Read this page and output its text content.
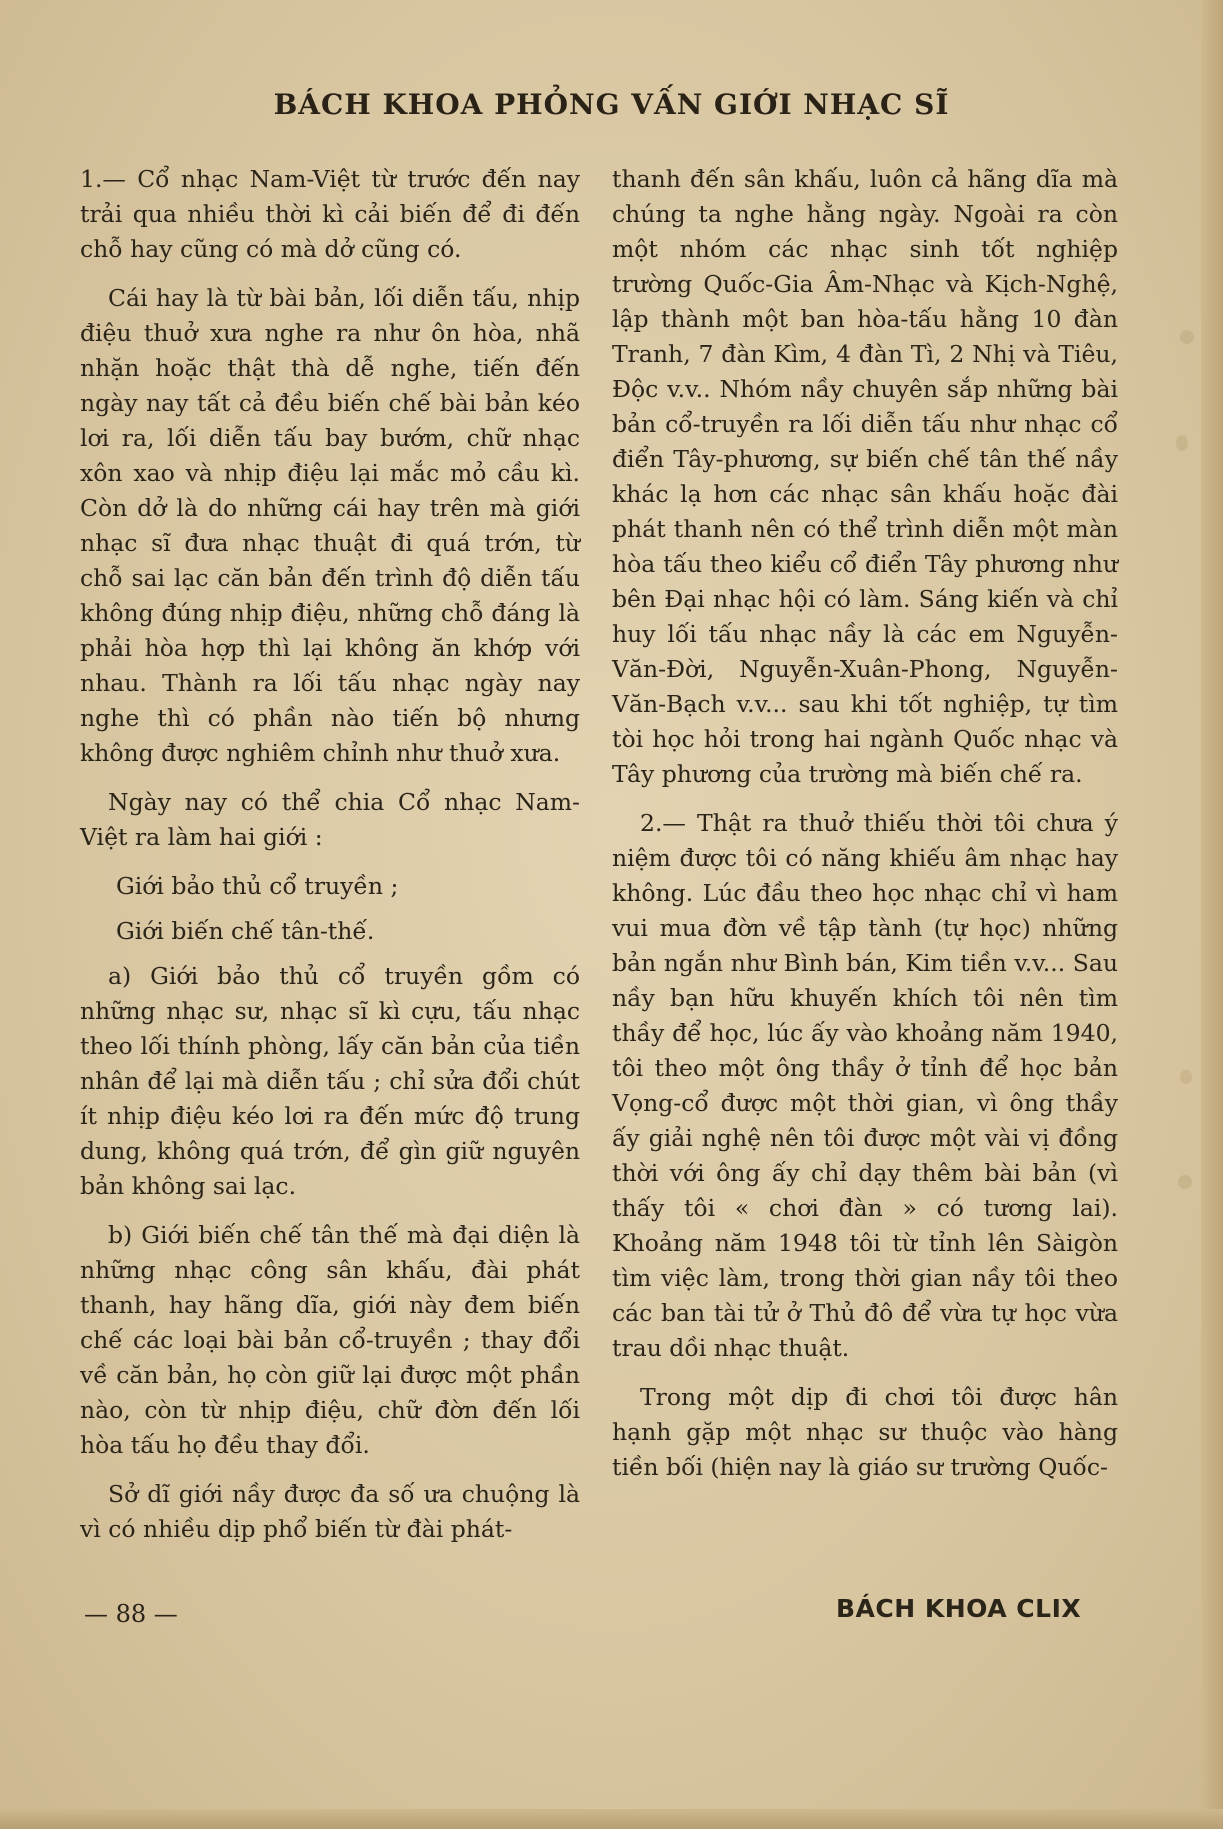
BÁCH KHOA PHỎNG VẤN GIỚI NHẠC SĨ

1.— Cổ nhạc Nam-Việt từ trước đến nay trải qua nhiều thời kì cải biến để đi đến chỗ hay cũng có mà dở cũng có.

Cái hay là từ bài bản, lối diễn tấu, nhịp điệu thuở xưa nghe ra như ôn hòa, nhã nhặn hoặc thật thà dễ nghe, tiến đến ngày nay tất cả đều biến chế bài bản kéo lơi ra, lối diễn tấu bay bướm, chữ nhạc xôn xao và nhịp điệu lại mắc mỏ cầu kì. Còn dở là do những cái hay trên mà giới nhạc sĩ đưa nhạc thuật đi quá trớn, từ chỗ sai lạc căn bản đến trình độ diễn tấu không đúng nhịp điệu, những chỗ đáng là phải hòa hợp thì lại không ăn khớp với nhau. Thành ra lối tấu nhạc ngày nay nghe thì có phần nào tiến bộ nhưng không được nghiêm chỉnh như thuở xưa.

Ngày nay có thể chia Cổ nhạc Nam-Việt ra làm hai giới :

Giới bảo thủ cổ truyền ;

Giới biến chế tân-thế.

a) Giới bảo thủ cổ truyền gồm có những nhạc sư, nhạc sĩ kì cựu, tấu nhạc theo lối thính phòng, lấy căn bản của tiền nhân để lại mà diễn tấu ; chỉ sửa đổi chút ít nhịp điệu kéo lơi ra đến mức độ trung dung, không quá trớn, để gìn giữ nguyên bản không sai lạc.

b) Giới biến chế tân thế mà đại diện là những nhạc công sân khấu, đài phát thanh, hay hãng dĩa, giới này đem biến chế các loại bài bản cổ-truyền ; thay đổi về căn bản, họ còn giữ lại được một phần nào, còn từ nhịp điệu, chữ đờn đến lối hòa tấu họ đều thay đổi.

Sở dĩ giới nầy được đa số ưa chuộng là vì có nhiều dịp phổ biến từ đài phát-

thanh đến sân khấu, luôn cả hãng dĩa mà chúng ta nghe hằng ngày. Ngoài ra còn một nhóm các nhạc sinh tốt nghiệp trường Quốc-Gia Âm-Nhạc và Kịch-Nghệ, lập thành một ban hòa-tấu hằng 10 đàn Tranh, 7 đàn Kìm, 4 đàn Tì, 2 Nhị và Tiêu, Độc v.v.. Nhóm nầy chuyên sắp những bài bản cổ-truyền ra lối diễn tấu như nhạc cổ điển Tây-phương, sự biến chế tân thế nầy khác lạ hơn các nhạc sân khấu hoặc đài phát thanh nên có thể trình diễn một màn hòa tấu theo kiểu cổ điển Tây phương như bên Đại nhạc hội có làm. Sáng kiến và chỉ huy lối tấu nhạc nầy là các em Nguyễn-Văn-Đời, Nguyễn-Xuân-Phong, Nguyễn-Văn-Bạch v.v... sau khi tốt nghiệp, tự tìm tòi học hỏi trong hai ngành Quốc nhạc và Tây phương của trường mà biến chế ra.

2.— Thật ra thuở thiếu thời tôi chưa ý niệm được tôi có năng khiếu âm nhạc hay không. Lúc đầu theo học nhạc chỉ vì ham vui mua đờn về tập tành (tự học) những bản ngắn như Bình bán, Kim tiền v.v... Sau nầy bạn hữu khuyến khích tôi nên tìm thầy để học, lúc ấy vào khoảng năm 1940, tôi theo một ông thầy ở tỉnh để học bản Vọng-cổ được một thời gian, vì ông thầy ấy giải nghệ nên tôi được một vài vị đồng thời với ông ấy chỉ dạy thêm bài bản (vì thấy tôi « chơi đàn » có tương lai). Khoảng năm 1948 tôi từ tỉnh lên Sàigòn tìm việc làm, trong thời gian nầy tôi theo các ban tài tử ở Thủ đô để vừa tự học vừa trau dồi nhạc thuật.

Trong một dịp đi chơi tôi được hân hạnh gặp một nhạc sư thuộc vào hàng tiền bối (hiện nay là giáo sư trường Quốc-

— 88 —	BÁCH KHOA CLIX
